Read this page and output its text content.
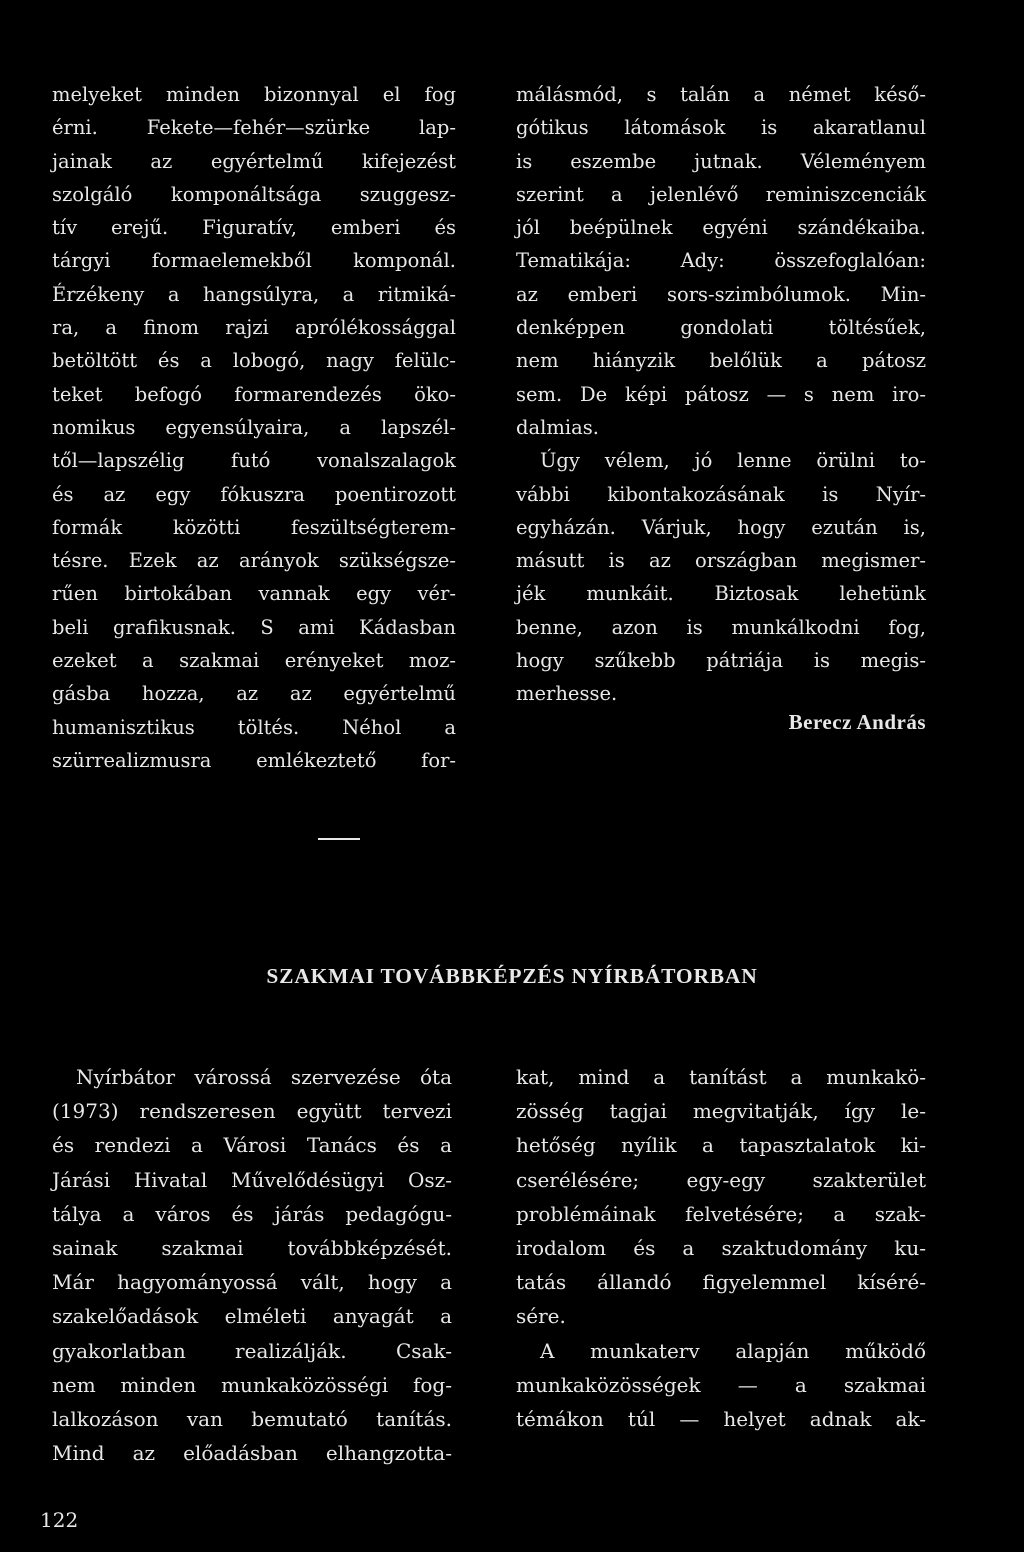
melyeket minden bizonnyal el fog
érni. Fekete—fehér—szürke lap-
jainak az egyértelmű kifejezést
szolgáló komponáltsága szuggesz-
tív erejű. Figuratív, emberi és
tárgyi formaelemekből komponál.
Érzékeny a hangsúlyra, a ritmiká-
ra, a finom rajzi aprólékossággal
betöltött és a lobogó, nagy felülc-
teket befogó formarendezés öko-
nomikus egyensúlyaira, a lapszél-
től—lapszélig futó vonalszalagok
és az egy fókuszra poentirozott
formák közötti feszültségterem-
tésre. Ezek az arányok szükségsze-
rűen birtokában vannak egy vér-
beli grafikusnak. S ami Kádasban
ezeket a szakmai erényeket moz-
gásba hozza, az az egyértelmű
humanisztikus töltés. Néhol a
szürrealizmusra emlékeztető for-

málásmód, s talán a német késő-
gótikus látomások is akaratlanul
is eszembe jutnak. Véleményem
szerint a jelenlévő reminiszcenciák
jól beépülnek egyéni szándékaiba.
Tematikája: Ady: összefoglalóan:
az emberi sors-szimbólumok. Min-
denképpen gondolati töltésűek,
nem hiányzik belőlük a pátosz
sem. De képi pátosz — s nem iro-
dalmias.

Úgy vélem, jó lenne örülni to-
vábbi kibontakozásának is Nyír-
egyházán. Várjuk, hogy ezután is,
másutt is az országban megismer-
jék munkáit. Biztosak lehetünk
benne, azon is munkálkodni fog,
hogy szűkebb pátriája is megis-
merhesse.

Berecz András
SZAKMAI TOVÁBBKÉPZÉS NYÍRBÁTORBAN
Nyírbátor várossá szervezése óta
(1973) rendszeresen együtt tervezi
és rendezi a Városi Tanács és a
Járási Hivatal Művelődésügyi Osz-
tálya a város és járás pedagógu-
sainak szakmai továbbképzését.
Már hagyományossá vált, hogy a
szakelőadások elméleti anyagát a
gyakorlatban realizálják. Csak-
nem minden munkaközösségi fog-
lalkozáson van bemutató tanítás.
Mind az előadásban elhangzotta-

kat, mind a tanítást a munkakö-
zösség tagjai megvitatják, így le-
hetőség nyílik a tapasztalatok ki-
cserélésére; egy-egy szakterület
problémáinak felvetésére; a szak-
irodalom és a szaktudomány ku-
tatás állandó figyelemmel kíséré-
sére.

A munkaterv alapján működő
munkaközösségek — a szakmai
témákon túl — helyet adnak ak-

122
